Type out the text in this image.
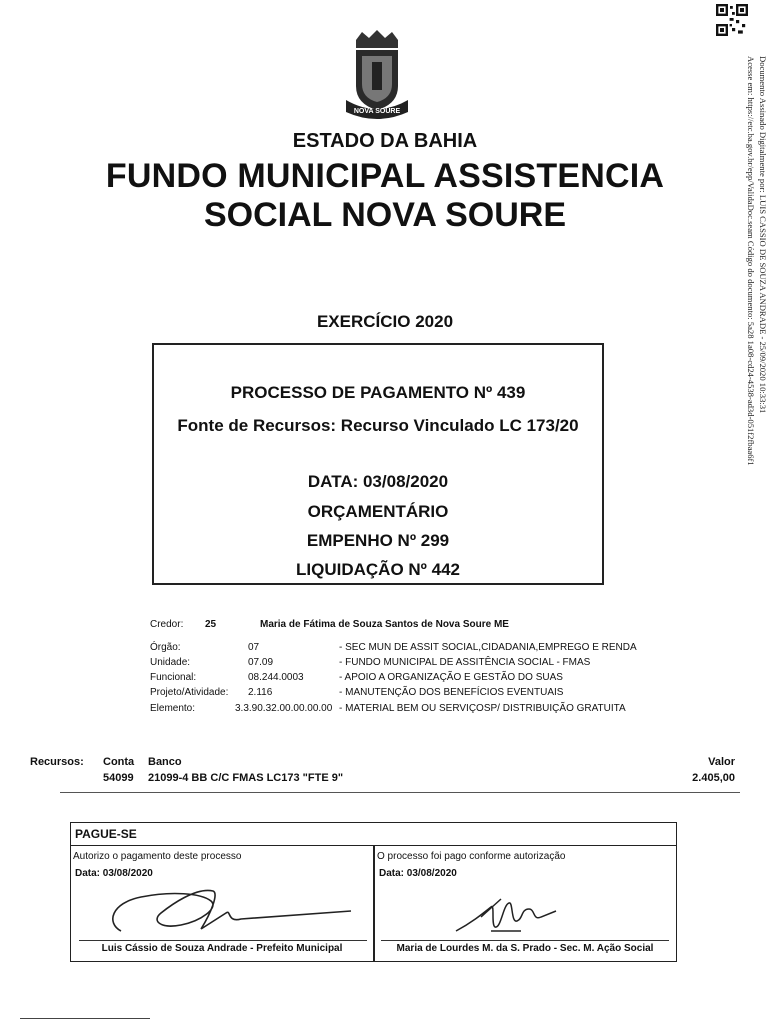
Documento Assinado Digitalmente por: LUIS CASSIO DE SOUZA ANDRADE - 25/09/2020 10:33:31
Acesse em: https://etc.ba.gov.br/epp/ValidaDoc.seam Código do documento: 5a28 1a08-cd24-4538-ad3d-051f2fbaa6f1
NOVA SOURE
ESTADO DA BAHIA
FUNDO MUNICIPAL ASSISTENCIA
SOCIAL NOVA SOURE
EXERCÍCIO 2020
PROCESSO DE PAGAMENTO Nº 439
Fonte de Recursos: Recurso Vinculado LC 173/20
DATA: 03/08/2020
ORÇAMENTÁRIO
EMPENHO Nº 299
LIQUIDAÇÃO Nº 442
Credor: 25	Maria de Fátima de Souza Santos de Nova Soure ME
Órgão:	07	- SEC MUN DE ASSIT SOCIAL,CIDADANIA,EMPREGO E RENDA
Unidade:	07.09	- FUNDO MUNICIPAL DE ASSITÊNCIA SOCIAL - FMAS
Funcional:	08.244.0003	- APOIO A ORGANIZAÇÃO E GESTÃO DO SUAS
Projeto/Atividade: 2.116	- MANUTENÇÃO DOS BENEFÍCIOS EVENTUAIS
Elemento:	3.3.90.32.00.00.00.00 - MATERIAL BEM OU SERVIÇOSP/ DISTRIBUIÇÃO GRATUITA
Recursos: Conta Banco	Valor
54099 21099-4 BB C/C FMAS LC173 "FTE 9"	2.405,00
PAGUE-SE
Autorizo o pagamento deste processo
Data: 03/08/2020
Luis Cássio de Souza Andrade - Prefeito Municipal
O processo foi pago conforme autorização
Data: 03/08/2020
Maria de Lourdes M. da S. Prado - Sec. M. Ação Social
